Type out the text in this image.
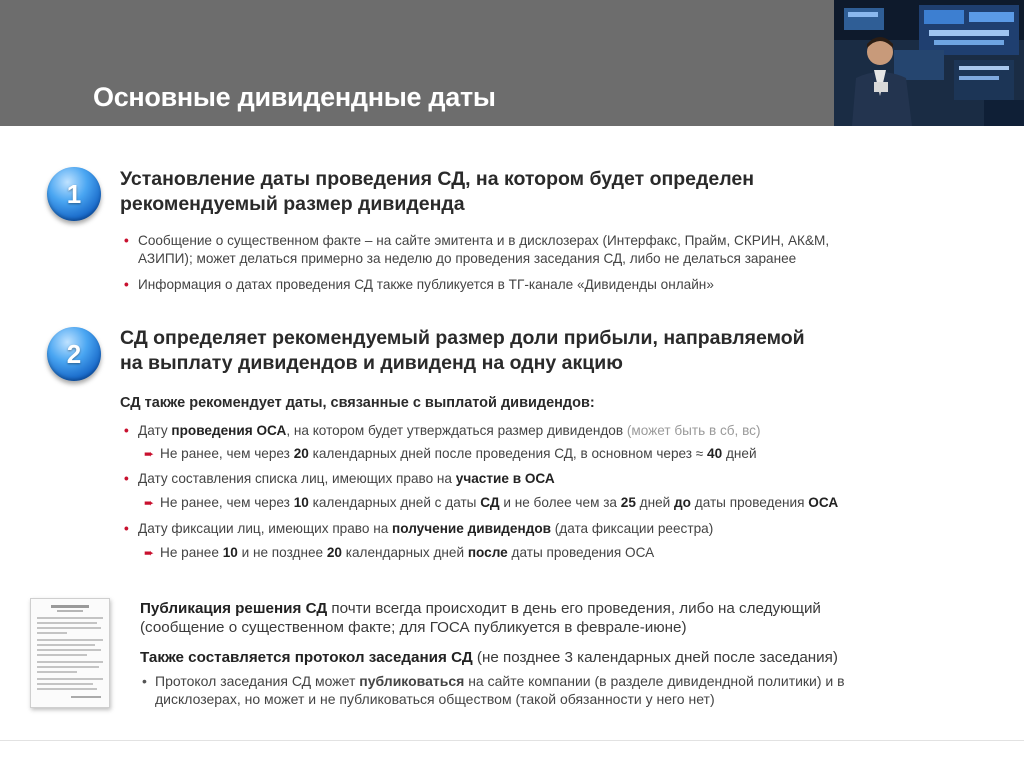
Основные дивидендные даты
1	Установление даты проведения СД, на котором будет определен
рекомендуемый размер дивиденда
• Сообщение о существенном факте – на сайте эмитента и в дисклозерах (Интерфакс, Прайм, СКРИН, АК&М,
АЗИПИ); может делаться примерно за неделю до проведения заседания СД, либо не делаться заранее
• Информация о датах проведения СД также публикуется в ТГ-канале «Дивиденды онлайн»
2
СД определяет рекомендуемый размер доли прибыли, направляемой
на выплату дивидендов и дивиденд на одну акцию
СД также рекомендует даты, связанные с выплатой дивидендов:
• Дату проведения ОСА, на котором будет утверждаться размер дивидендов (может быть в сб, вс)
➨ Не ранее, чем через 20 календарных дней после проведения СД, в основном через ≈ 40 дней
• Дату составления списка лиц, имеющих право на участие в ОСА
➨ Не ранее, чем через 10 календарных дней с даты СД и не более чем за 25 дней до даты проведения ОСА
• Дату фиксации лиц, имеющих право на получение дивидендов (дата фиксации реестра)
➨ Не ранее 10 и не позднее 20 календарных дней после даты проведения ОСА
Публикация решения СД почти всегда происходит в день его проведения, либо на следующий
(сообщение о существенном факте; для ГОСА публикуется в феврале-июне)
Также составляется протокол заседания СД (не позднее 3 календарных дней после заседания)
• Протокол заседания СД может публиковаться на сайте компании (в разделе дивидендной политики) и в
дисклозерах, но может и не публиковаться обществом (такой обязанности у него нет)
